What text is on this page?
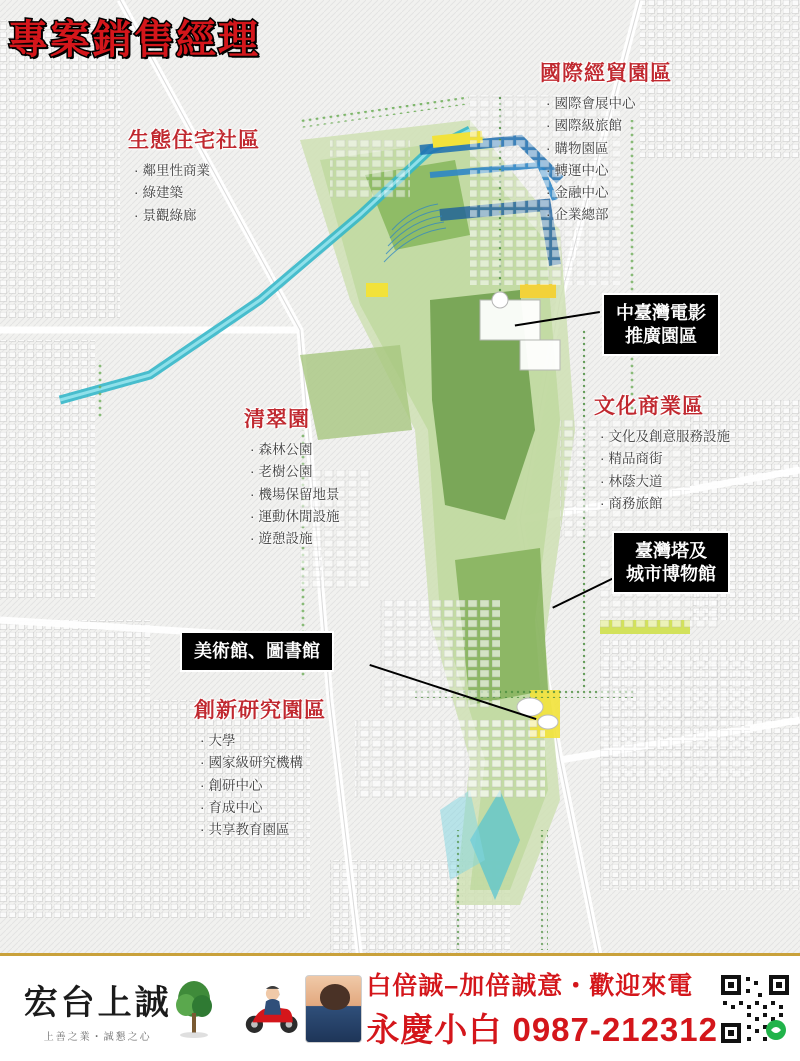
專案銷售經理
生態住宅社區
· 鄰里性商業
· 綠建築
· 景觀綠廊
國際經貿園區
· 國際會展中心
· 國際級旅館
· 購物園區
· 轉運中心
· 金融中心
· 企業總部
清翠園
· 森林公園
· 老樹公園
· 機場保留地景
· 運動休閒設施
· 遊憩設施
文化商業區
· 文化及創意服務設施
· 精品商街
· 林蔭大道
· 商務旅館
創新研究園區
· 大學
· 國家級研究機構
· 創研中心
· 育成中心
· 共享教育園區
中臺灣電影
推廣園區
臺灣塔及
城市博物館
美術館、圖書館
宏台上誠
上善之業・誠懇之心
白倍誠–加倍誠意・歡迎來電
永慶小白 0987-212312
